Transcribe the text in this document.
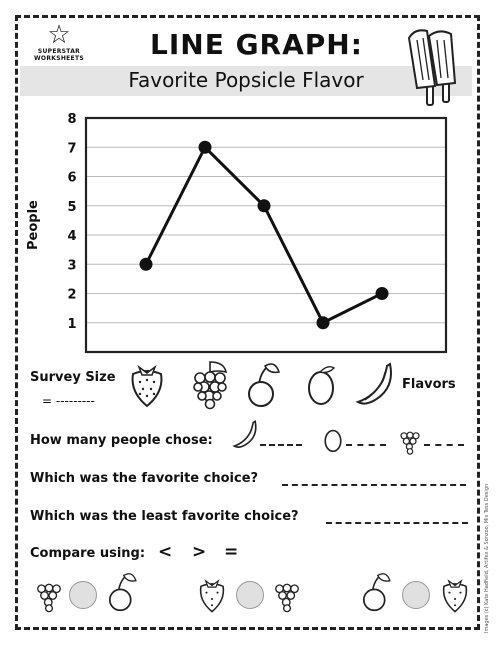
☆
SUPERSTAR
WORKSHEETS LINE GRAPH:
Favorite Popsicle Flavor
People
1
2
3
4
5
6
7
8
Survey Size
= ---------
Flavors
How many people chose:
Which was the favorite choice?
Which was the least favorite choice?
Compare using: < > =	Images (c) Kate Hadfield, Artifex & Sonzoo, Mis Tess Design
